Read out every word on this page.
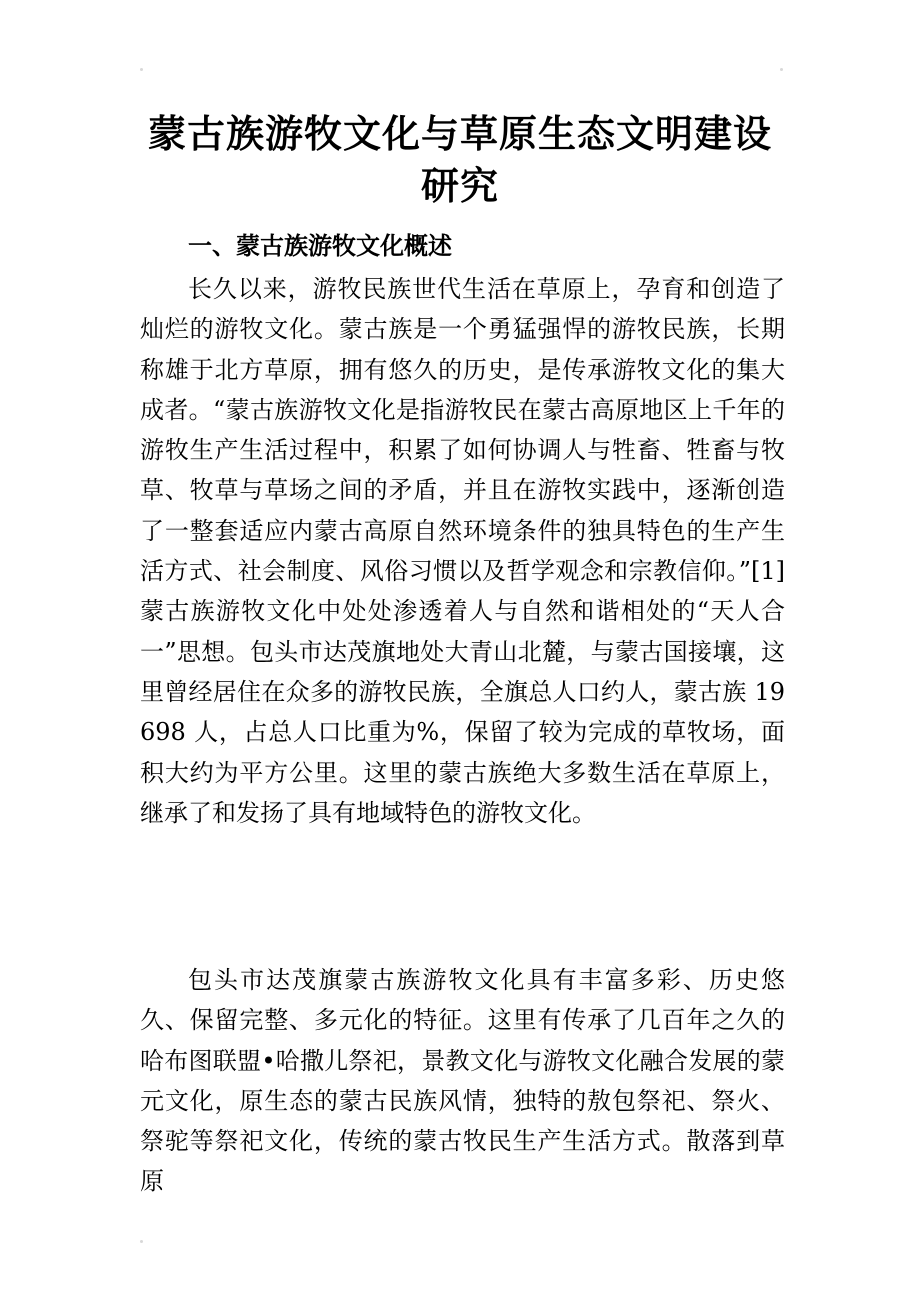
蒙古族游牧文化与草原生态文明建设研究
一、蒙古族游牧文化概述

长久以来，游牧民族世代生活在草原上，孕育和创造了灿烂的游牧文化。蒙古族是一个勇猛强悍的游牧民族，长期称雄于北方草原，拥有悠久的历史，是传承游牧文化的集大成者。“蒙古族游牧文化是指游牧民在蒙古高原地区上千年的游牧生产生活过程中，积累了如何协调人与牲畜、牲畜与牧草、牧草与草场之间的矛盾，并且在游牧实践中，逐渐创造了一整套适应内蒙古高原自然环境条件的独具特色的生产生活方式、社会制度、风俗习惯以及哲学观念和宗教信仰。”[1]蒙古族游牧文化中处处渗透着人与自然和谐相处的“天人合一”思想。包头市达茂旗地处大青山北麓，与蒙古国接壤，这里曾经居住在众多的游牧民族，全旗总人口约人，蒙古族 19698 人，占总人口比重为%，保留了较为完成的草牧场，面积大约为平方公里。这里的蒙古族绝大多数生活在草原上，继承了和发扬了具有地域特色的游牧文化。

包头市达茂旗蒙古族游牧文化具有丰富多彩、历史悠久、保留完整、多元化的特征。这里有传承了几百年之久的哈布图联盟•哈撒儿祭祀，景教文化与游牧文化融合发展的蒙元文化，原生态的蒙古民族风情，独特的敖包祭祀、祭火、祭驼等祭祀文化，传统的蒙古牧民生产生活方式。散落到草原
